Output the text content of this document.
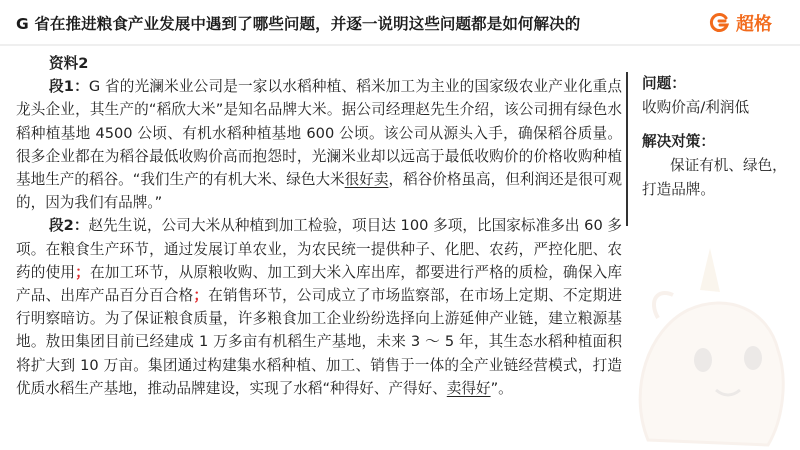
G 省在推进粮食产业发展中遇到了哪些问题，并逐一说明这些问题都是如何解决的	超格
资料2

段1：G 省的光澜米业公司是一家以水稻种植、稻米加工为主业的国家级农业产业化重点龙头企业，其生产的“稻欣大米”是知名品牌大米。据公司经理赵先生介绍，该公司拥有绿色水稻种植基地 4500 公顷、有机水稻种植基地 600 公顷。该公司从源头入手，确保稻谷质量。很多企业都在为稻谷最低收购价高而抱怨时，光澜米业却以远高于最低收购价的价格收购种植基地生产的稻谷。“我们生产的有机大米、绿色大米很好卖，稻谷价格虽高，但利润还是很可观的，因为我们有品牌。”

段2：赵先生说，公司大米从种植到加工检验，项目达 100 多项，比国家标准多出 60 多项。在粮食生产环节，通过发展订单农业，为农民统一提供种子、化肥、农药，严控化肥、农药的使用；在加工环节，从原粮收购、加工到大米入库出库，都要进行严格的质检，确保入库产品、出库产品百分百合格；在销售环节，公司成立了市场监察部，在市场上定期、不定期进行明察暗访。为了保证粮食质量，许多粮食加工企业纷纷选择向上游延伸产业链，建立粮源基地。敖田集团目前已经建成 1 万多亩有机稻生产基地，未来 3 ～ 5 年，其生态水稻种植面积将扩大到 10 万亩。集团通过构建集水稻种植、加工、销售于一体的全产业链经营模式，打造优质水稻生产基地，推动品牌建设，实现了水稻“种得好、产得好、卖得好”。

问题：
收购价高/利润低
解决对策：
保证有机、绿色，打造品牌。
